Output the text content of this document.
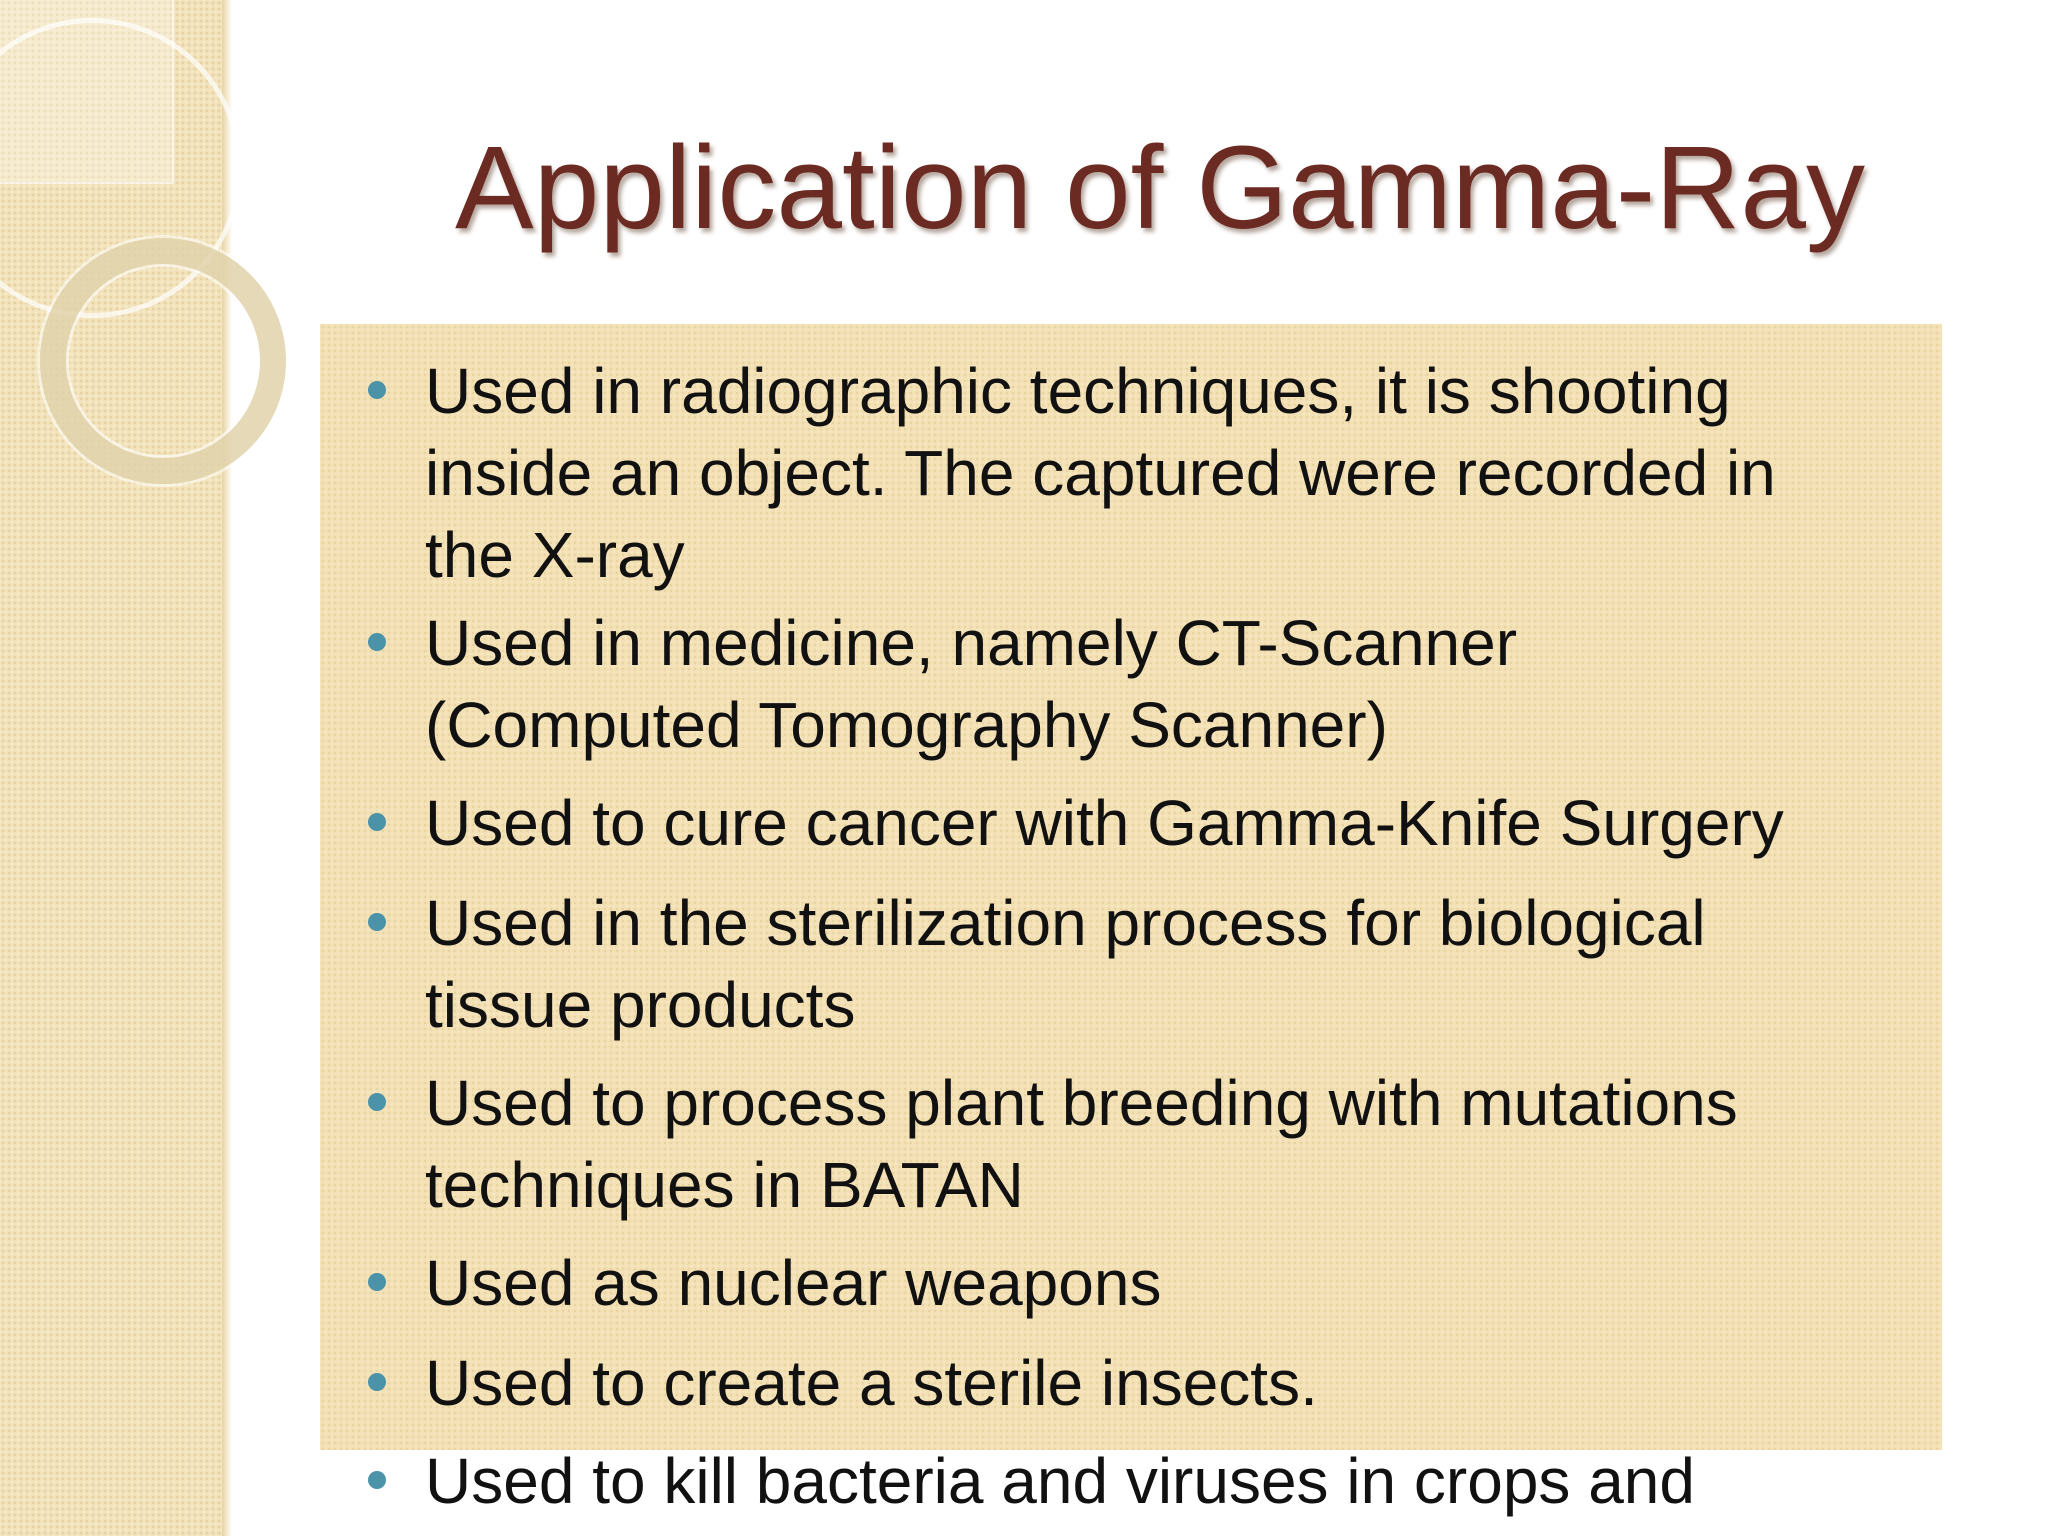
Application of Gamma-Ray
Used in radiographic techniques, it is shooting
inside an object. The captured were recorded in
the X-ray
Used in medicine, namely CT-Scanner
(Computed Tomography Scanner)
Used to cure cancer with Gamma-Knife Surgery
Used in the sterilization process for biological
tissue products
Used to process plant breeding with mutations
techniques in BATAN
Used as nuclear weapons
Used to create a sterile insects.
Used to kill bacteria and viruses in crops and
